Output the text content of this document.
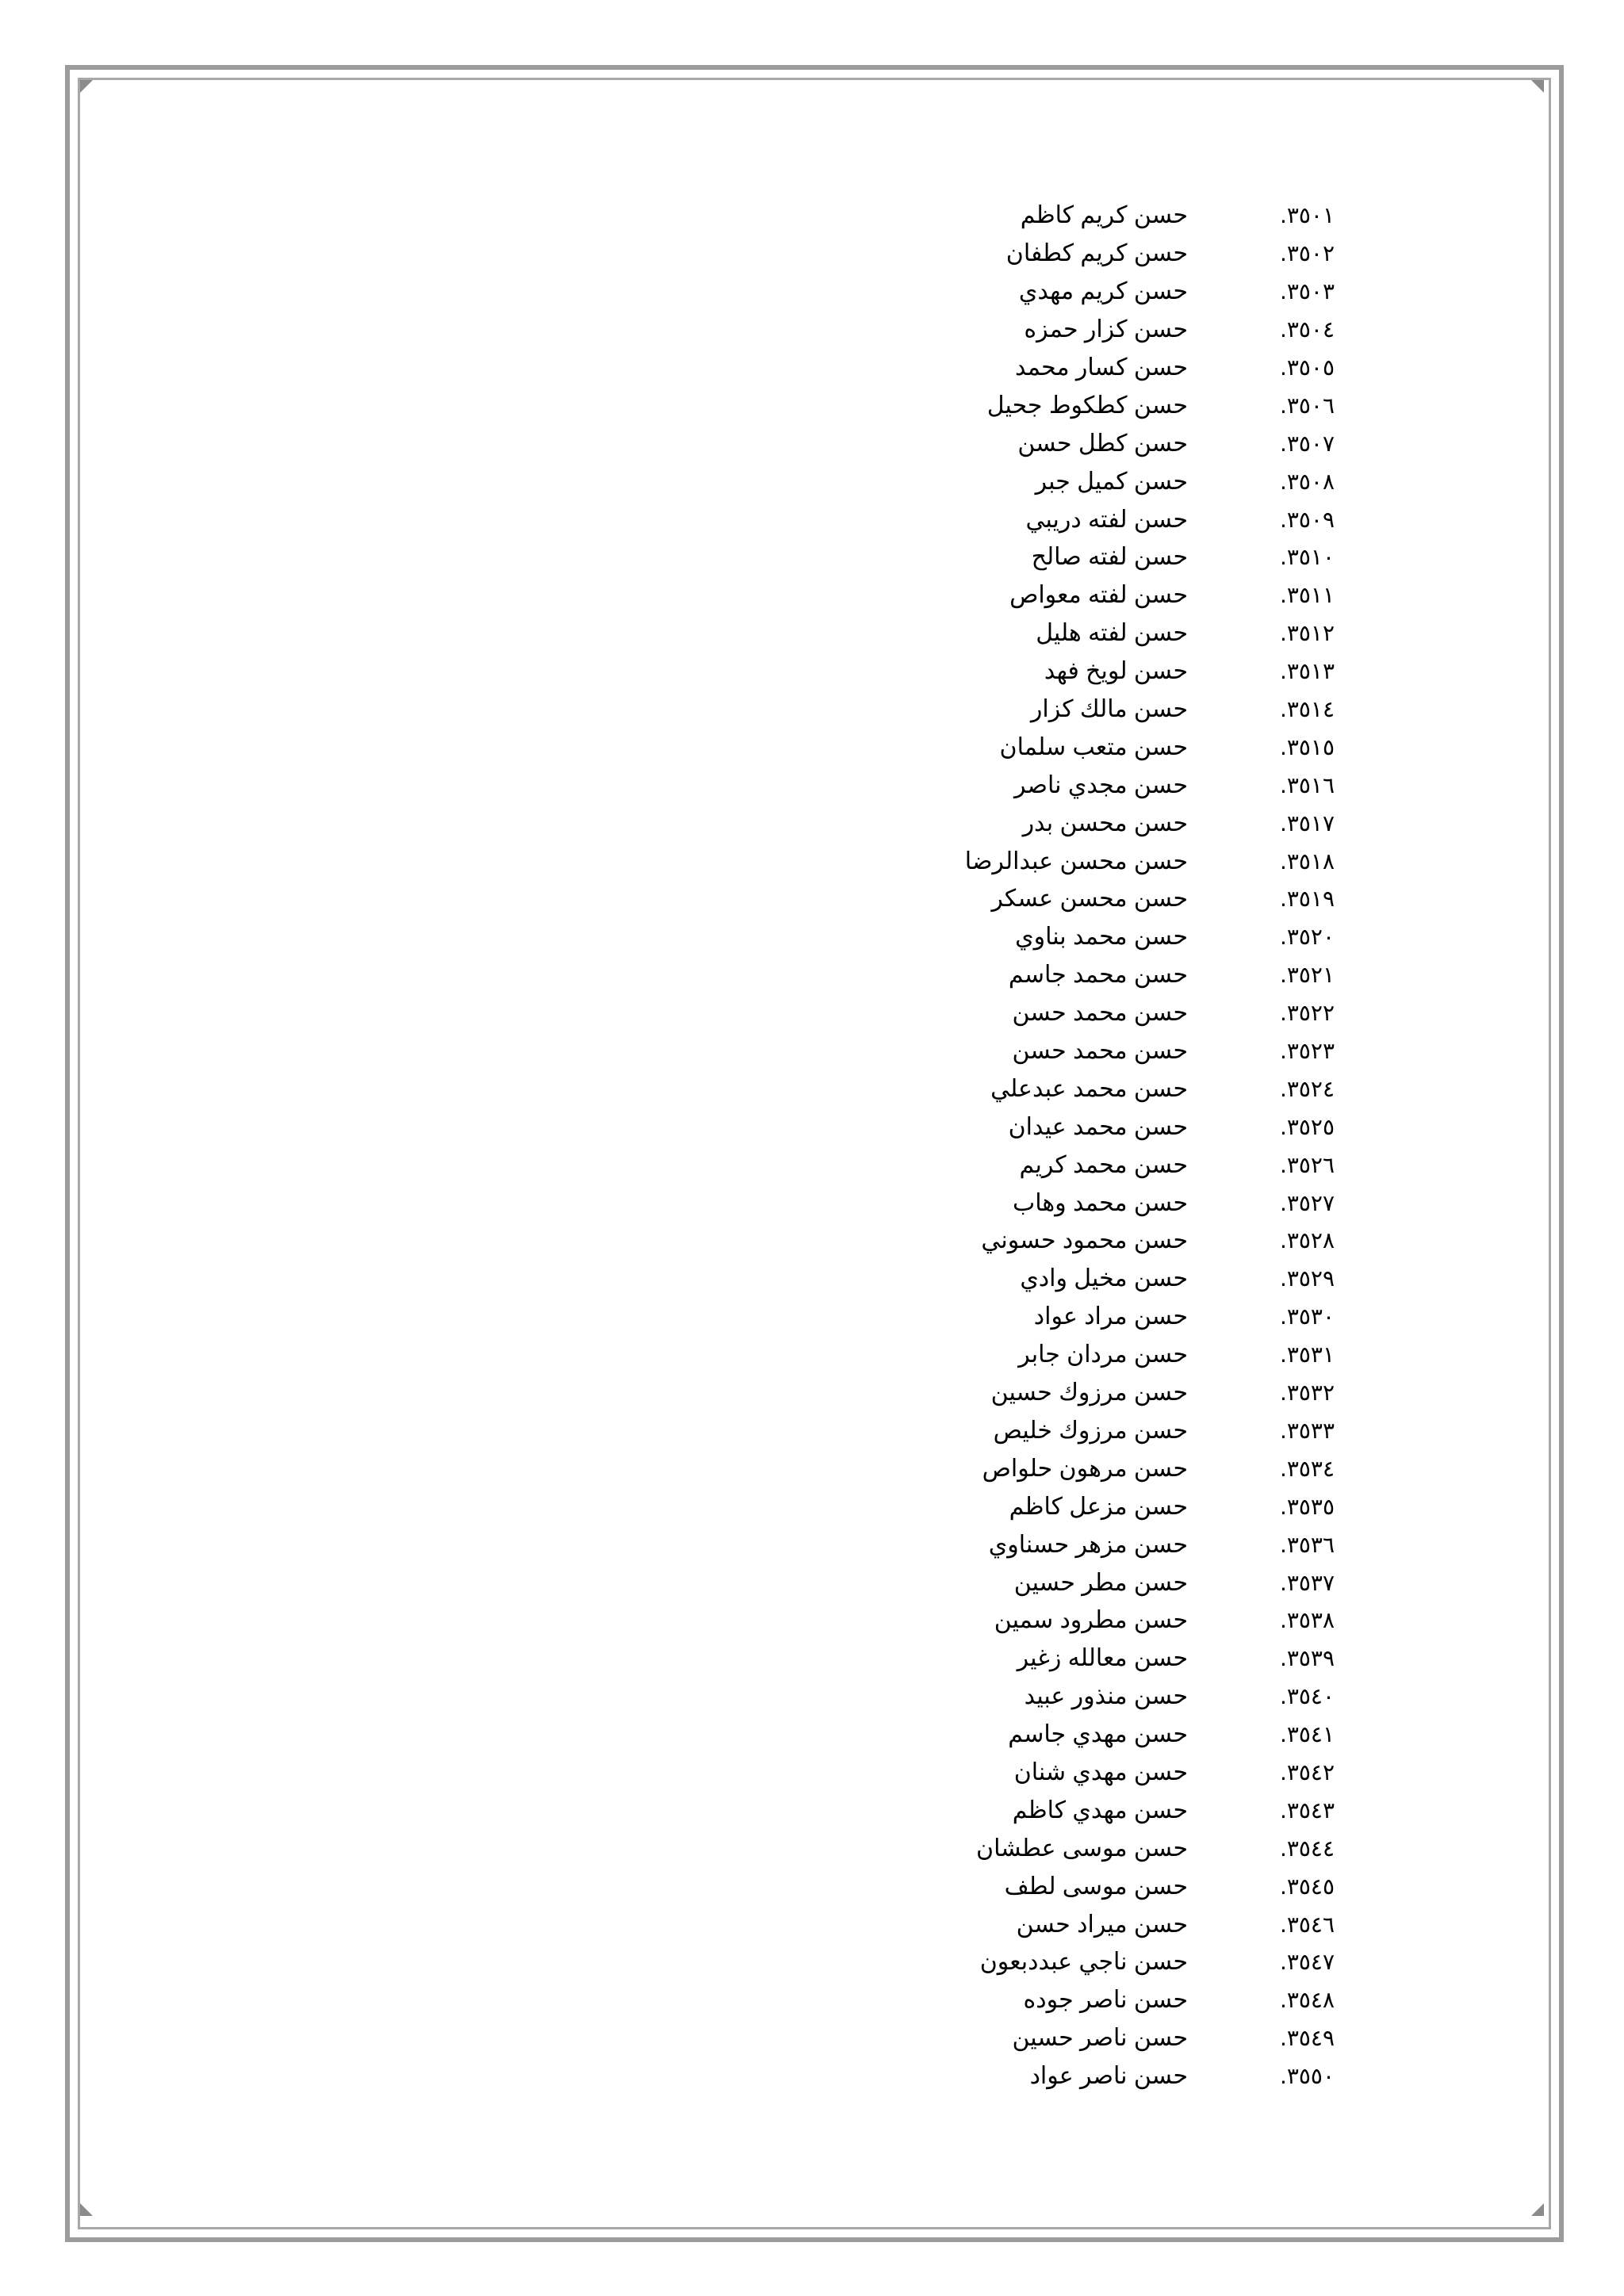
٣٥٠١.
حسن كريم كاظم
٣٥٠٢.
حسن كريم كطفان
٣٥٠٣.
حسن كريم مهدي
٣٥٠٤.
حسن كزار حمزه
٣٥٠٥.
حسن كسار محمد
٣٥٠٦.
حسن كطكوط جحيل
٣٥٠٧.
حسن كطل حسن
٣٥٠٨.
حسن كميل جبر
٣٥٠٩.
حسن لفته دريبي
٣٥١٠.
حسن لفته صالح
٣٥١١.
حسن لفته معواص
٣٥١٢.
حسن لفته هليل
٣٥١٣.
حسن لويخ فهد
٣٥١٤.
حسن مالك كزار
٣٥١٥.
حسن متعب سلمان
٣٥١٦.
حسن مجدي ناصر
٣٥١٧.
حسن محسن بدر
٣٥١٨.
حسن محسن عبدالرضا
٣٥١٩.
حسن محسن عسكر
٣٥٢٠.
حسن محمد بناوي
٣٥٢١.
حسن محمد جاسم
٣٥٢٢.
حسن محمد حسن
٣٥٢٣.
حسن محمد حسن
٣٥٢٤.
حسن محمد عبدعلي
٣٥٢٥.
حسن محمد عيدان
٣٥٢٦.
حسن محمد كريم
٣٥٢٧.
حسن محمد وهاب
٣٥٢٨.
حسن محمود حسوني
٣٥٢٩.
حسن مخيل وادي
٣٥٣٠.
حسن مراد عواد
٣٥٣١.
حسن مردان جابر
٣٥٣٢.
حسن مرزوك حسين
٣٥٣٣.
حسن مرزوك خليص
٣٥٣٤.
حسن مرهون حلواص
٣٥٣٥.
حسن مزعل كاظم
٣٥٣٦.
حسن مزهر حسناوي
٣٥٣٧.
حسن مطر حسين
٣٥٣٨.
حسن مطرود سمين
٣٥٣٩.
حسن معالله زغير
٣٥٤٠.
حسن منذور عبيد
٣٥٤١.
حسن مهدي جاسم
٣٥٤٢.
حسن مهدي شنان
٣٥٤٣.
حسن مهدي كاظم
٣٥٤٤.
حسن موسى عطشان
٣٥٤٥.
حسن موسى لطف
٣٥٤٦.
حسن ميراد حسن
٣٥٤٧.
حسن ناجي عبددبعون
٣٥٤٨.
حسن ناصر جوده
٣٥٤٩.
حسن ناصر حسين
٣٥٥٠.
حسن ناصر عواد
